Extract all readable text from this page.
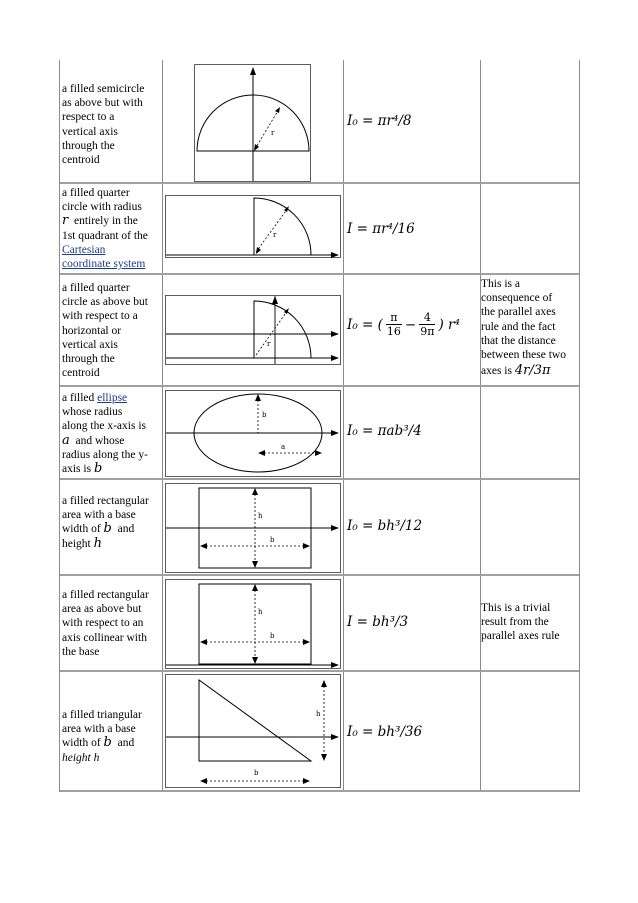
a filled semicircle
as above but with
respect to a
vertical axis
through the
centroid
r
I₀ = πr⁴/8
a filled quarter
circle with radius
r entirely in the
1st quadrant of the
Cartesian
coordinate system
r	I = πr⁴/16
a filled quarter
circle as above but
with respect to a
horizontal or
vertical axis
through the
centroid
r
I₀ = ( π
$16 - \frac{4}{9\pi}$ ) r⁴
This is a
consequence of
the parallel axes
rule and the fact
that the distance
between these two
axes is 4r/3π
a filled ellipse
whose radius
along the x-axis is
a and whose
radius along the y-
axis is b
b
a
I₀ = πab³/4
a filled rectangular
area with a base
width of b and
height h
h
b
I₀ = bh³/12
a filled rectangular
area as above but
with respect to an
axis collinear with
the base
h
b
I = bh³/3
This is a trivial
result from the
parallel axes rule
a filled triangular
area with a base
width of b and
height h
h
b
I₀ = bh³/36
